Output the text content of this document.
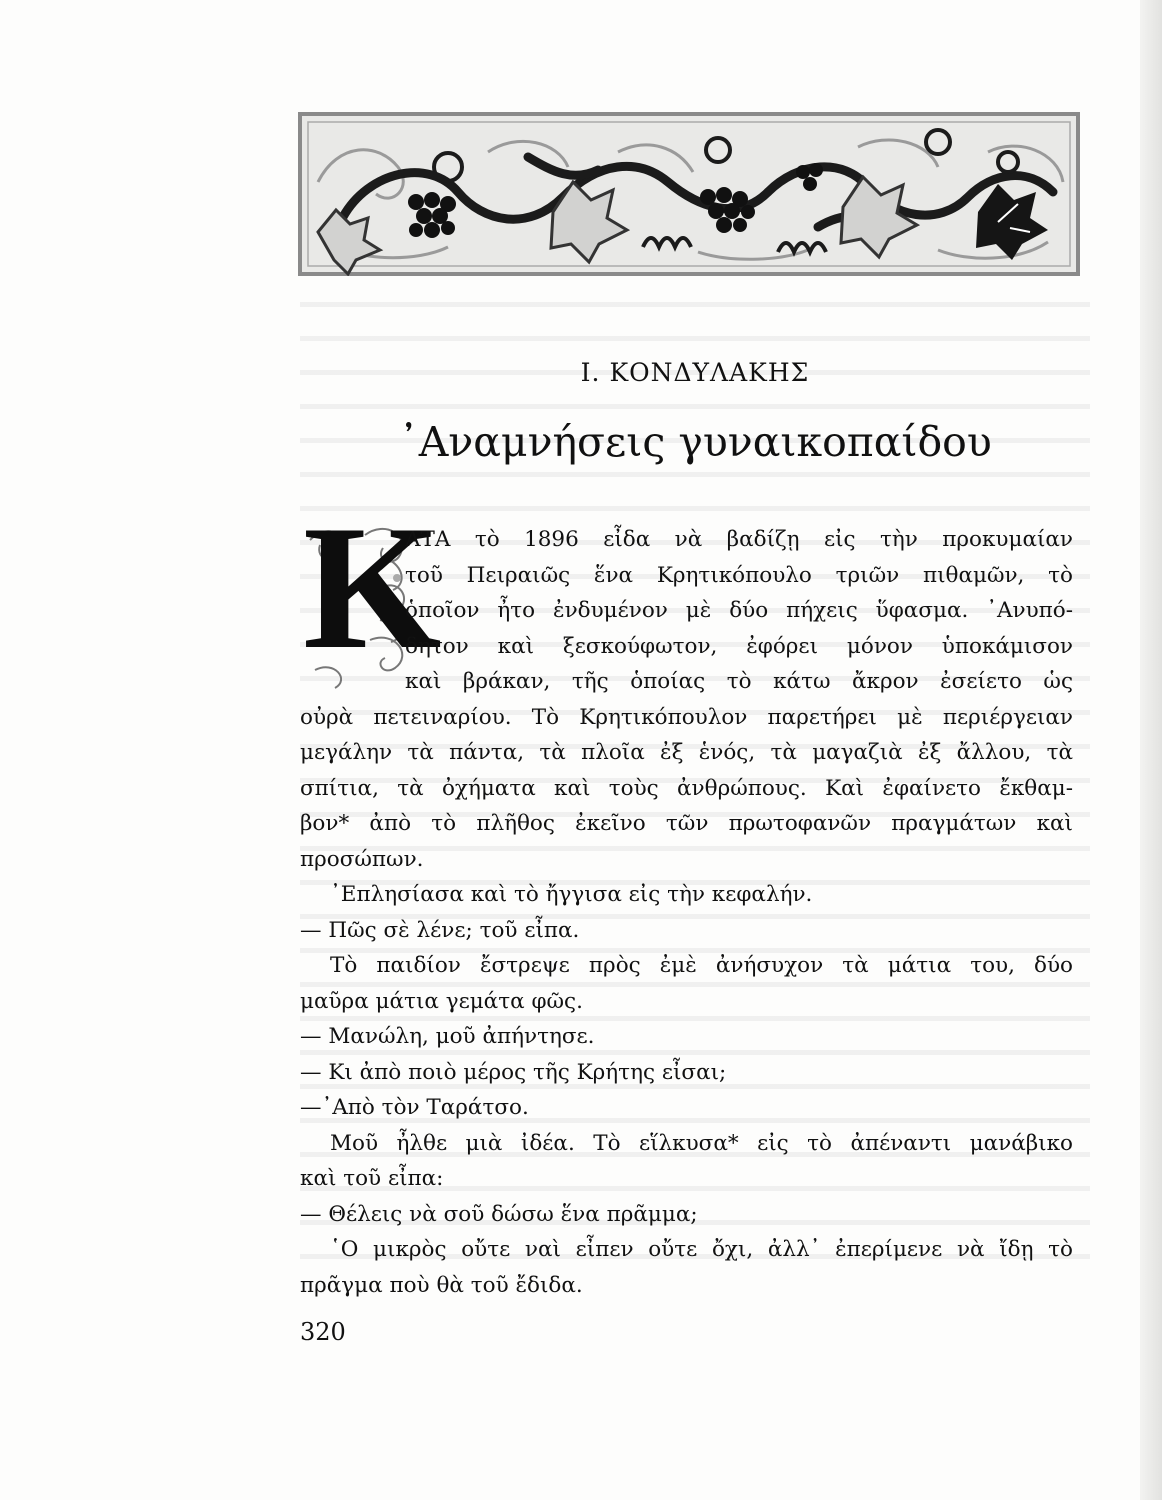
Ι. ΚΟΝΔΥΛΑΚΗΣ
᾿Αναμνήσεις γυναικοπαίδου
Κ

ΑΤΑ τὸ 1896 εἶδα νὰ βαδίζῃ εἰς τὴν προκυμαίαν

τοῦ Πειραιῶς ἕνα Κρητικόπουλο τριῶν πιθαμῶν, τὸ

ὁποῖον ἦτο ἐνδυμένον μὲ δύο πήχεις ὕφασμα. ᾿Ανυπό-

δητον καὶ ξεσκούφωτον, ἐφόρει μόνον ὑποκάμισον

καὶ βράκαν, τῆς ὁποίας τὸ κάτω ἄκρον ἐσείετο ὡς

οὐρὰ πετειναρίου. Τὸ Κρητικόπουλον παρετήρει μὲ περιέργειαν

μεγάλην τὰ πάντα, τὰ πλοῖα ἐξ ἑνός, τὰ μαγαζιὰ ἐξ ἄλλου, τὰ

σπίτια, τὰ ὀχήματα καὶ τοὺς ἀνθρώπους. Καὶ ἐφαίνετο ἔκθαμ-

βον* ἀπὸ τὸ πλῆθος ἐκεῖνο τῶν πρωτοφανῶν πραγμάτων καὶ

προσώπων.

᾿Επλησίασα καὶ τὸ ἤγγισα εἰς τὴν κεφαλήν.

— Πῶς σὲ λένε; τοῦ εἶπα.

Τὸ παιδίον ἔστρεψε πρὸς ἐμὲ ἀνήσυχον τὰ μάτια του, δύο

μαῦρα μάτια γεμάτα φῶς.

— Μανώλη, μοῦ ἀπήντησε.

— Κι ἀπὸ ποιὸ μέρος τῆς Κρήτης εἶσαι;

—᾿Απὸ τὸν Ταράτσο.

Μοῦ ἦλθε μιὰ ἰδέα. Τὸ εἵλκυσα* εἰς τὸ ἀπέναντι μανάβικο

καὶ τοῦ εἶπα:

— Θέλεις νὰ σοῦ δώσω ἕνα πρᾶμμα;

῾Ο μικρὸς οὔτε ναὶ εἶπεν οὔτε ὄχι, ἀλλ᾿ ἐπερίμενε νὰ ἴδῃ τὸ

πρᾶγμα ποὺ θὰ τοῦ ἔδιδα.

320
